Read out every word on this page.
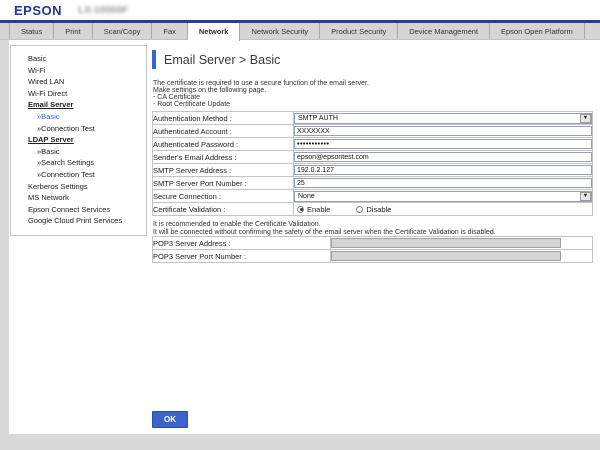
EPSON LX-10000F
Status	Print	Scan/Copy	Fax	Network	Network Security	Product Security	Device Management	Epson Open Platform
Basic
Wi-Fi
Wired LAN
Wi-Fi Direct
Email Server
»Basic
»Connection Test
LDAP Server
»Basic
»Search Settings
»Connection Test
Kerberos Settings
MS Network
Epson Connect Services
Google Cloud Print Services
Email Server > Basic
The certificate is required to use a secure function of the email server.
Make settings on the following page.
- CA Certificate
- Root Certificate Update
Authentication Method :	SMTP AUTH ▼

Authenticated Account :	
XXXXXXX
Authenticated Password :	
•••••••••••
Sender's Email Address :	
epson@epsontest.com
SMTP Server Address :	
192.0.2.127
SMTP Server Port Number :	
25
Secure Connection :	None ▼

Certificate Validation :	Enable Disable
It is recommended to enable the Certificate Validation.
It will be connected without confirming the safety of the email server when the Certificate Validation is disabled.
POP3 Server Address :	

POP3 Server Port Number :	
OK
